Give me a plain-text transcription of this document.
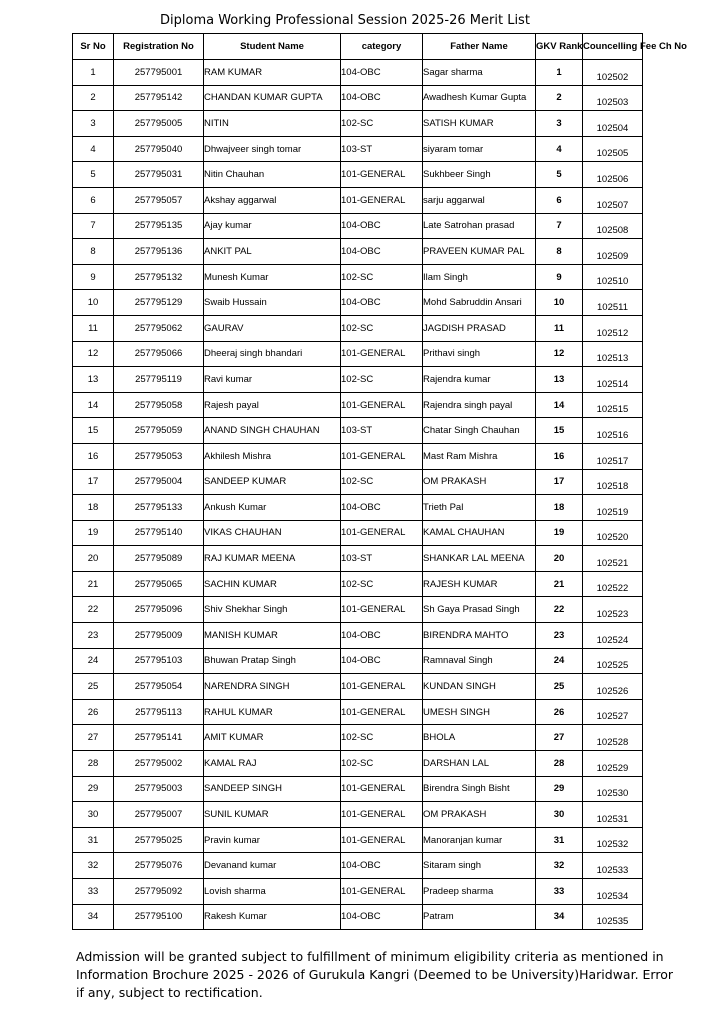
Diploma Working Professional Session 2025-26 Merit List
Sr No	Registration No	Student Name	category	Father Name	GKV Rank	Councelling Fee Ch No
1	257795001	RAM KUMAR	104-OBC	Sagar sharma	1	102502
2	257795142	CHANDAN KUMAR GUPTA	104-OBC	Awadhesh Kumar Gupta	2	102503
3	257795005	NITIN	102-SC	SATISH KUMAR	3	102504
4	257795040	Dhwajveer singh tomar	103-ST	siyaram tomar	4	102505
5	257795031	Nitin Chauhan	101-GENERAL	Sukhbeer Singh	5	102506
6	257795057	Akshay aggarwal	101-GENERAL	sarju aggarwal	6	102507
7	257795135	Ajay kumar	104-OBC	Late Satrohan prasad	7	102508
8	257795136	ANKIT PAL	104-OBC	PRAVEEN KUMAR PAL	8	102509
9	257795132	Munesh Kumar	102-SC	Ilam Singh	9	102510
10	257795129	Swaib Hussain	104-OBC	Mohd Sabruddin Ansari	10	102511
11	257795062	GAURAV	102-SC	JAGDISH PRASAD	11	102512
12	257795066	Dheeraj singh bhandari	101-GENERAL	Prithavi singh	12	102513
13	257795119	Ravi kumar	102-SC	Rajendra kumar	13	102514
14	257795058	Rajesh payal	101-GENERAL	Rajendra singh payal	14	102515
15	257795059	ANAND SINGH CHAUHAN	103-ST	Chatar Singh Chauhan	15	102516
16	257795053	Akhilesh Mishra	101-GENERAL	Mast Ram Mishra	16	102517
17	257795004	SANDEEP KUMAR	102-SC	OM PRAKASH	17	102518
18	257795133	Ankush Kumar	104-OBC	Trieth Pal	18	102519
19	257795140	VIKAS CHAUHAN	101-GENERAL	KAMAL CHAUHAN	19	102520
20	257795089	RAJ KUMAR MEENA	103-ST	SHANKAR LAL MEENA	20	102521
21	257795065	SACHIN KUMAR	102-SC	RAJESH KUMAR	21	102522
22	257795096	Shiv Shekhar Singh	101-GENERAL	Sh Gaya Prasad Singh	22	102523
23	257795009	MANISH KUMAR	104-OBC	BIRENDRA MAHTO	23	102524
24	257795103	Bhuwan Pratap Singh	104-OBC	Ramnaval Singh	24	102525
25	257795054	NARENDRA SINGH	101-GENERAL	KUNDAN SINGH	25	102526
26	257795113	RAHUL KUMAR	101-GENERAL	UMESH SINGH	26	102527
27	257795141	AMIT KUMAR	102-SC	BHOLA	27	102528
28	257795002	KAMAL RAJ	102-SC	DARSHAN LAL	28	102529
29	257795003	SANDEEP SINGH	101-GENERAL	Birendra Singh Bisht	29	102530
30	257795007	SUNIL KUMAR	101-GENERAL	OM PRAKASH	30	102531
31	257795025	Pravin kumar	101-GENERAL	Manoranjan kumar	31	102532
32	257795076	Devanand kumar	104-OBC	Sitaram singh	32	102533
33	257795092	Lovish sharma	101-GENERAL	Pradeep sharma	33	102534
34	257795100	Rakesh Kumar	104-OBC	Patram	34	102535
Admission will be granted subject to fulfillment of minimum eligibility criteria as mentioned in Information Brochure 2025 - 2026 of Gurukula Kangri (Deemed to be University)Haridwar. Error if any, subject to rectification.
